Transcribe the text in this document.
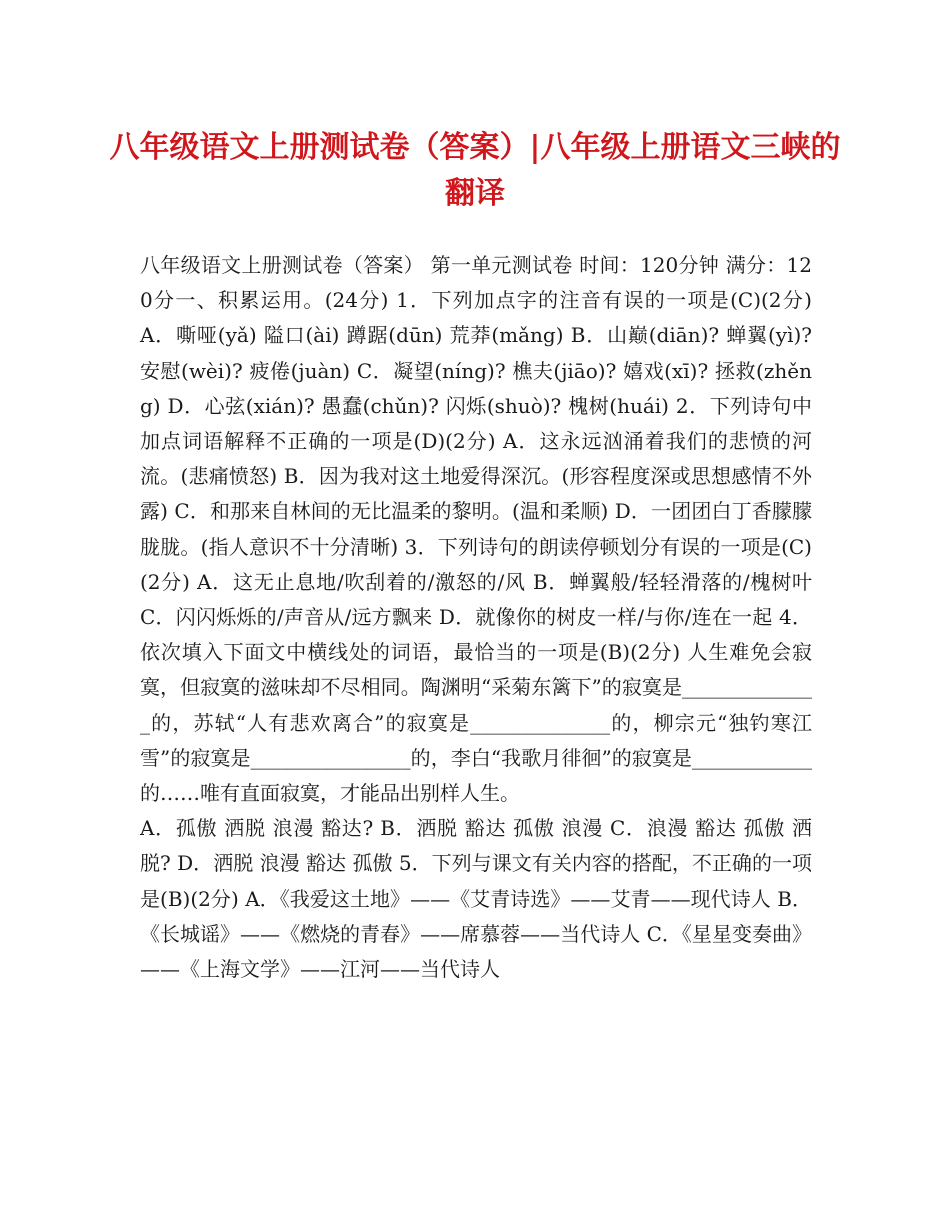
八年级语文上册测试卷（答案）|八年级上册语文三峡的翻译

八年级语文上册测试卷（答案） 第一单元测试卷 时间：120分钟 满分：120分一、积累运用。(24分) 1．下列加点字的注音有误的一项是(C)(2分) A．嘶哑(yǎ) 隘口(ài) 蹲踞(dūn) 荒莽(mǎng) B．山巅(diān)? 蝉翼(yì)? 安慰(wèi)? 疲倦(juàn) C．凝望(níng)? 樵夫(jiāo)? 嬉戏(xī)? 拯救(zhěng) D．心弦(xián)? 愚蠢(chǔn)? 闪烁(shuò)? 槐树(huái) 2．下列诗句中加点词语解释不正确的一项是(D)(2分) A．这永远汹涌着我们的悲愤的河流。(悲痛愤怒) B．因为我对这土地爱得深沉。(形容程度深或思想感情不外露) C．和那来自林间的无比温柔的黎明。(温和柔顺) D．一团团白丁香朦朦胧胧。(指人意识不十分清晰) 3．下列诗句的朗读停顿划分有误的一项是(C)(2分) A．这无止息地/吹刮着的/激怒的/风 B．蝉翼般/轻轻滑落的/槐树叶 C．闪闪烁烁的/声音从/远方飘来 D．就像你的树皮一样/与你/连在一起 4．依次填入下面文中横线处的词语，最恰当的一项是(B)(2分) 人生难免会寂寞，但寂寞的滋味却不尽相同。陶渊明“采菊东篱下”的寂寞是______________的，苏轼“人有悲欢离合”的寂寞是______________的，柳宗元“独钓寒江雪”的寂寞是________________的，李白“我歌月徘徊”的寂寞是____________的……唯有直面寂寞，才能品出别样人生。

A．孤傲 洒脱 浪漫 豁达? B．洒脱 豁达 孤傲 浪漫 C．浪漫 豁达 孤傲 洒脱? D．洒脱 浪漫 豁达 孤傲 5．下列与课文有关内容的搭配，不正确的一项是(B)(2分) A．《我爱这土地》——《艾青诗选》——艾青——现代诗人 B．《长城谣》——《燃烧的青春》——席慕蓉——当代诗人 C．《星星变奏曲》——《上海文学》——江河——当代诗人
